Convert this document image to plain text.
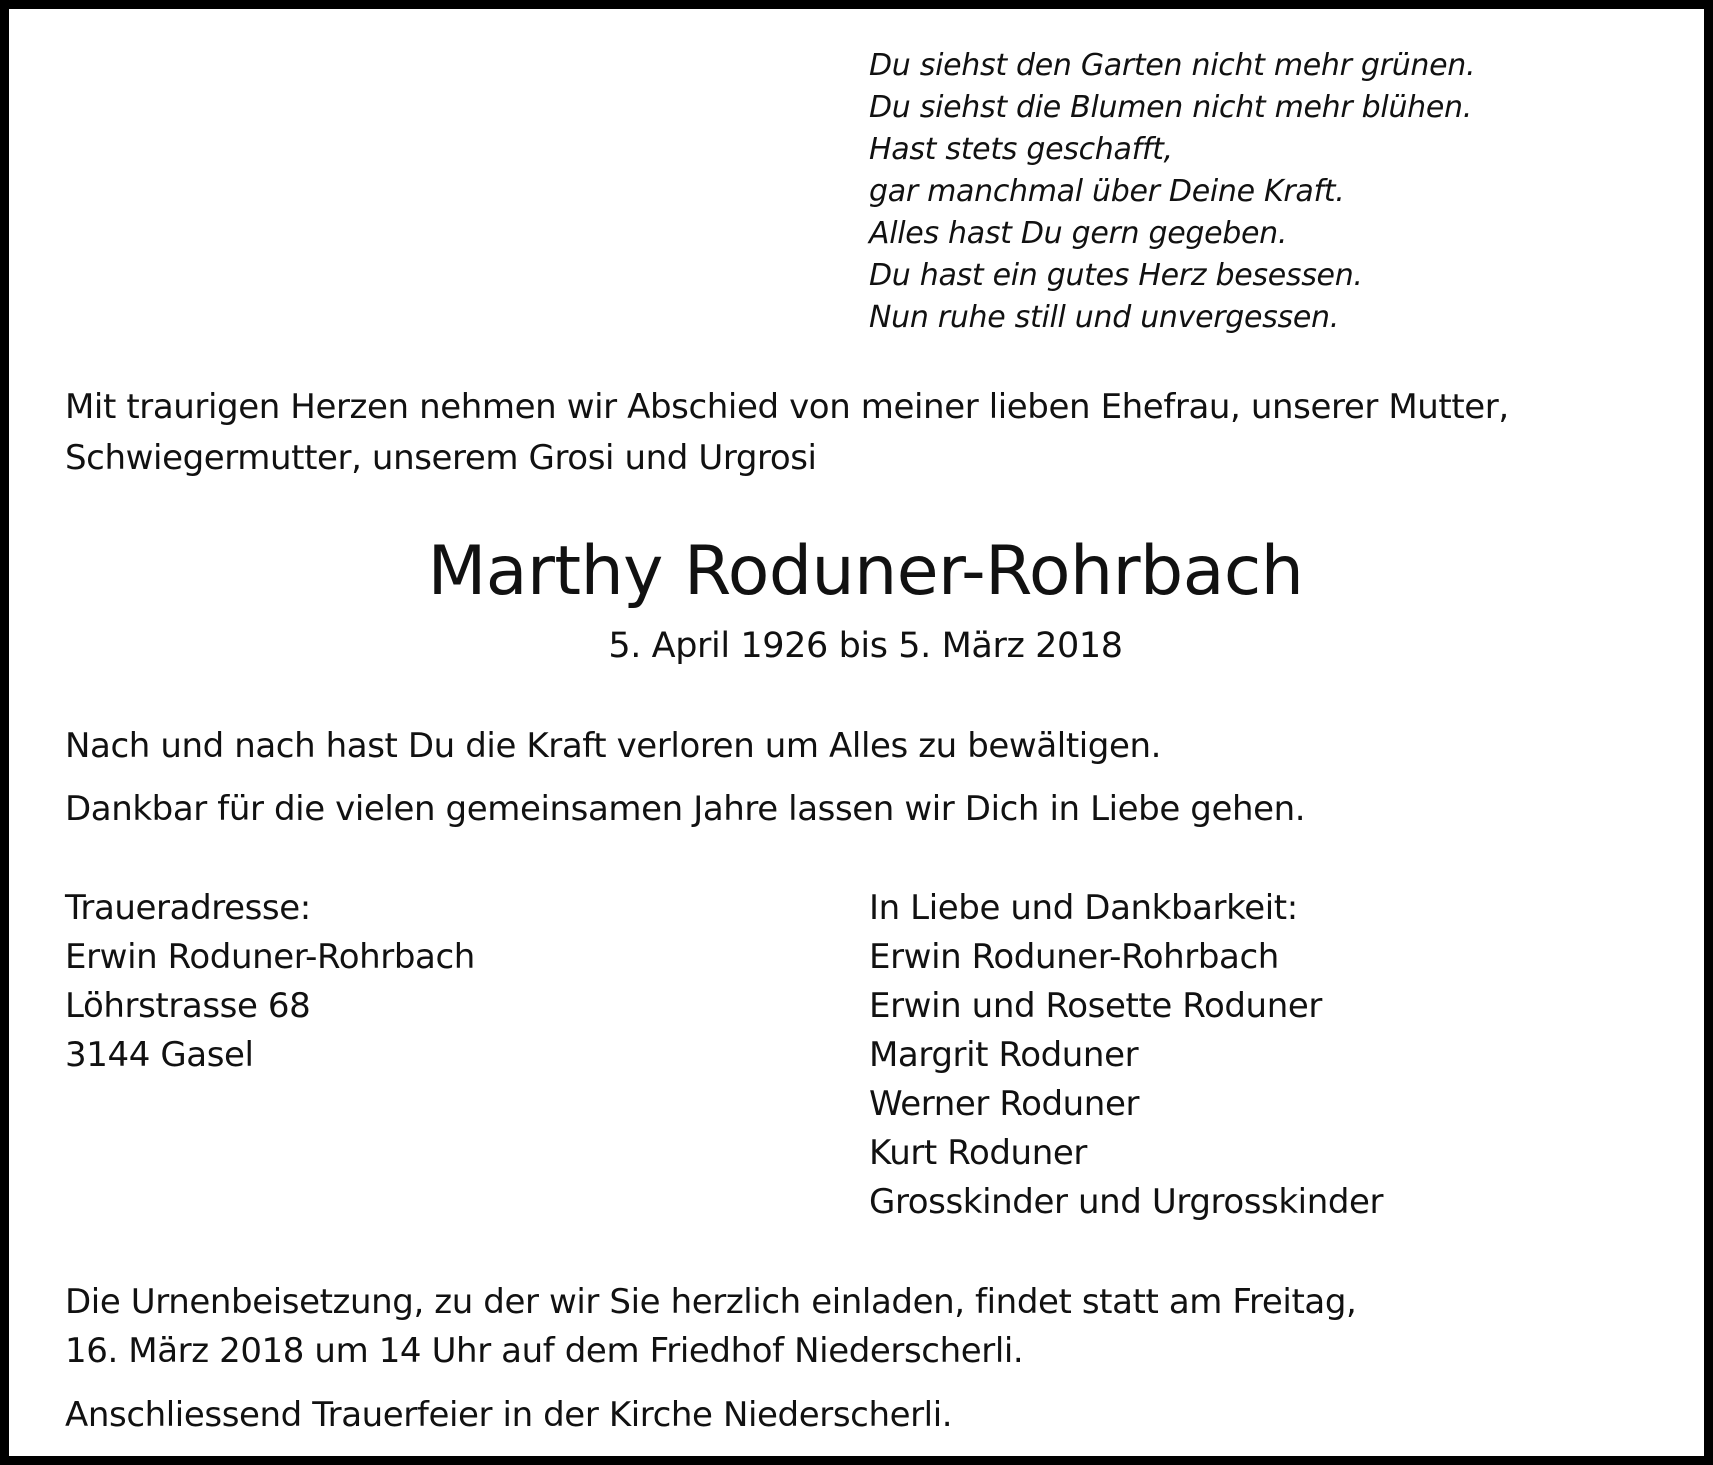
Du siehst den Garten nicht mehr grünen.
Du siehst die Blumen nicht mehr blühen.
Hast stets geschafft,
gar manchmal über Deine Kraft.
Alles hast Du gern gegeben.
Du hast ein gutes Herz besessen.
Nun ruhe still und unvergessen.

Mit traurigen Herzen nehmen wir Abschied von meiner lieben Ehefrau, unserer Mutter,

Schwiegermutter, unserem Grosi und Urgrosi

Marthy Roduner-Rohrbach
5. April 1926 bis 5. März 2018

Nach und nach hast Du die Kraft verloren um Alles zu bewältigen.

Dankbar für die vielen gemeinsamen Jahre lassen wir Dich in Liebe gehen.

Traueradresse:
Erwin Roduner-Rohrbach
Löhrstrasse 68
3144 Gasel
In Liebe und Dankbarkeit:
Erwin Roduner-Rohrbach
Erwin und Rosette Roduner
Margrit Roduner
Werner Roduner
Kurt Roduner
Grosskinder und Urgrosskinder

Die Urnenbeisetzung, zu der wir Sie herzlich einladen, findet statt am Freitag,

16. März 2018 um 14 Uhr auf dem Friedhof Niederscherli.

Anschliessend Trauerfeier in der Kirche Niederscherli.
